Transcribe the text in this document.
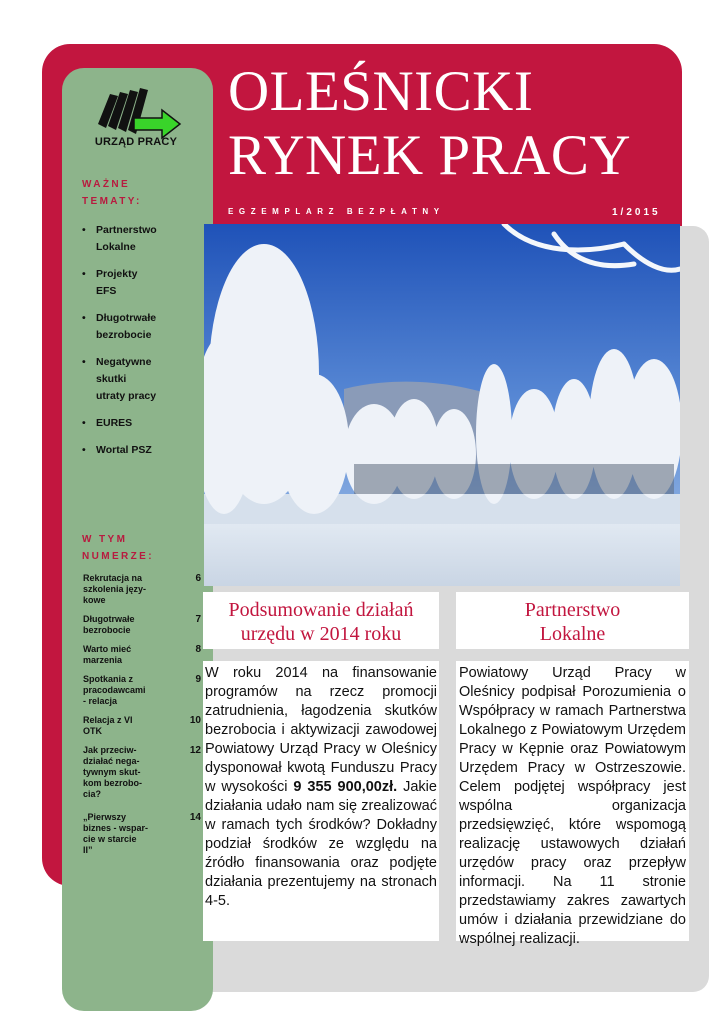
OLEŚNICKI
RYNEK PRACY
EGZEMPLARZ BEZPŁATNY	1/2015
URZĄD PRACY
WAŻNE
TEMATY:
• Partnerstwo
Lokalne
• Projekty
EFS
• Długotrwałe
bezrobocie
• Negatywne
skutki
utraty pracy
• EURES
• Wortal PSZ
W TYM
NUMERZE:
Rekrutacja na
szkolenia języ-
kowe
6
Długotrwałe
bezrobocie
7
Warto mieć
marzenia
8
Spotkania z
pracodawcami
- relacja
9
Relacja z VI
OTK
10
Jak przeciw-
działać nega-
tywnym skut-
kom bezrobo-
cia?
12
„Pierwszy
biznes - wspar-
cie w starcie
II”
14
Podsumowanie działań
urzędu w 2014 roku
W roku 2014 na finansowanie programów na rzecz promocji zatrudnienia, łagodzenia skutków bezrobocia i aktywizacji zawodowej Powiatowy Urząd Pracy w Oleśnicy dysponował kwotą Funduszu Pracy w wysokości 9 355 900,00zł. Jakie działania udało nam się zrealizować w ramach tych środków? Dokładny podział środków ze względu na źródło finansowania oraz podjęte działania prezentujemy na stronach 4-5.
Partnerstwo
Lokalne
Powiatowy Urząd Pracy w Oleśnicy podpisał Porozumienia o Współpracy w ramach Partnerstwa Lokalnego z Powiatowym Urzędem Pracy w Kępnie oraz Powiatowym Urzędem Pracy w Ostrzeszowie. Celem podjętej współpracy jest wspólna organizacja przedsięwzięć, które wspomogą realizację ustawowych działań urzędów pracy oraz przepływ informacji. Na 11 stronie przedstawiamy zakres zawartych umów i działania przewidziane do wspólnej realizacji.
